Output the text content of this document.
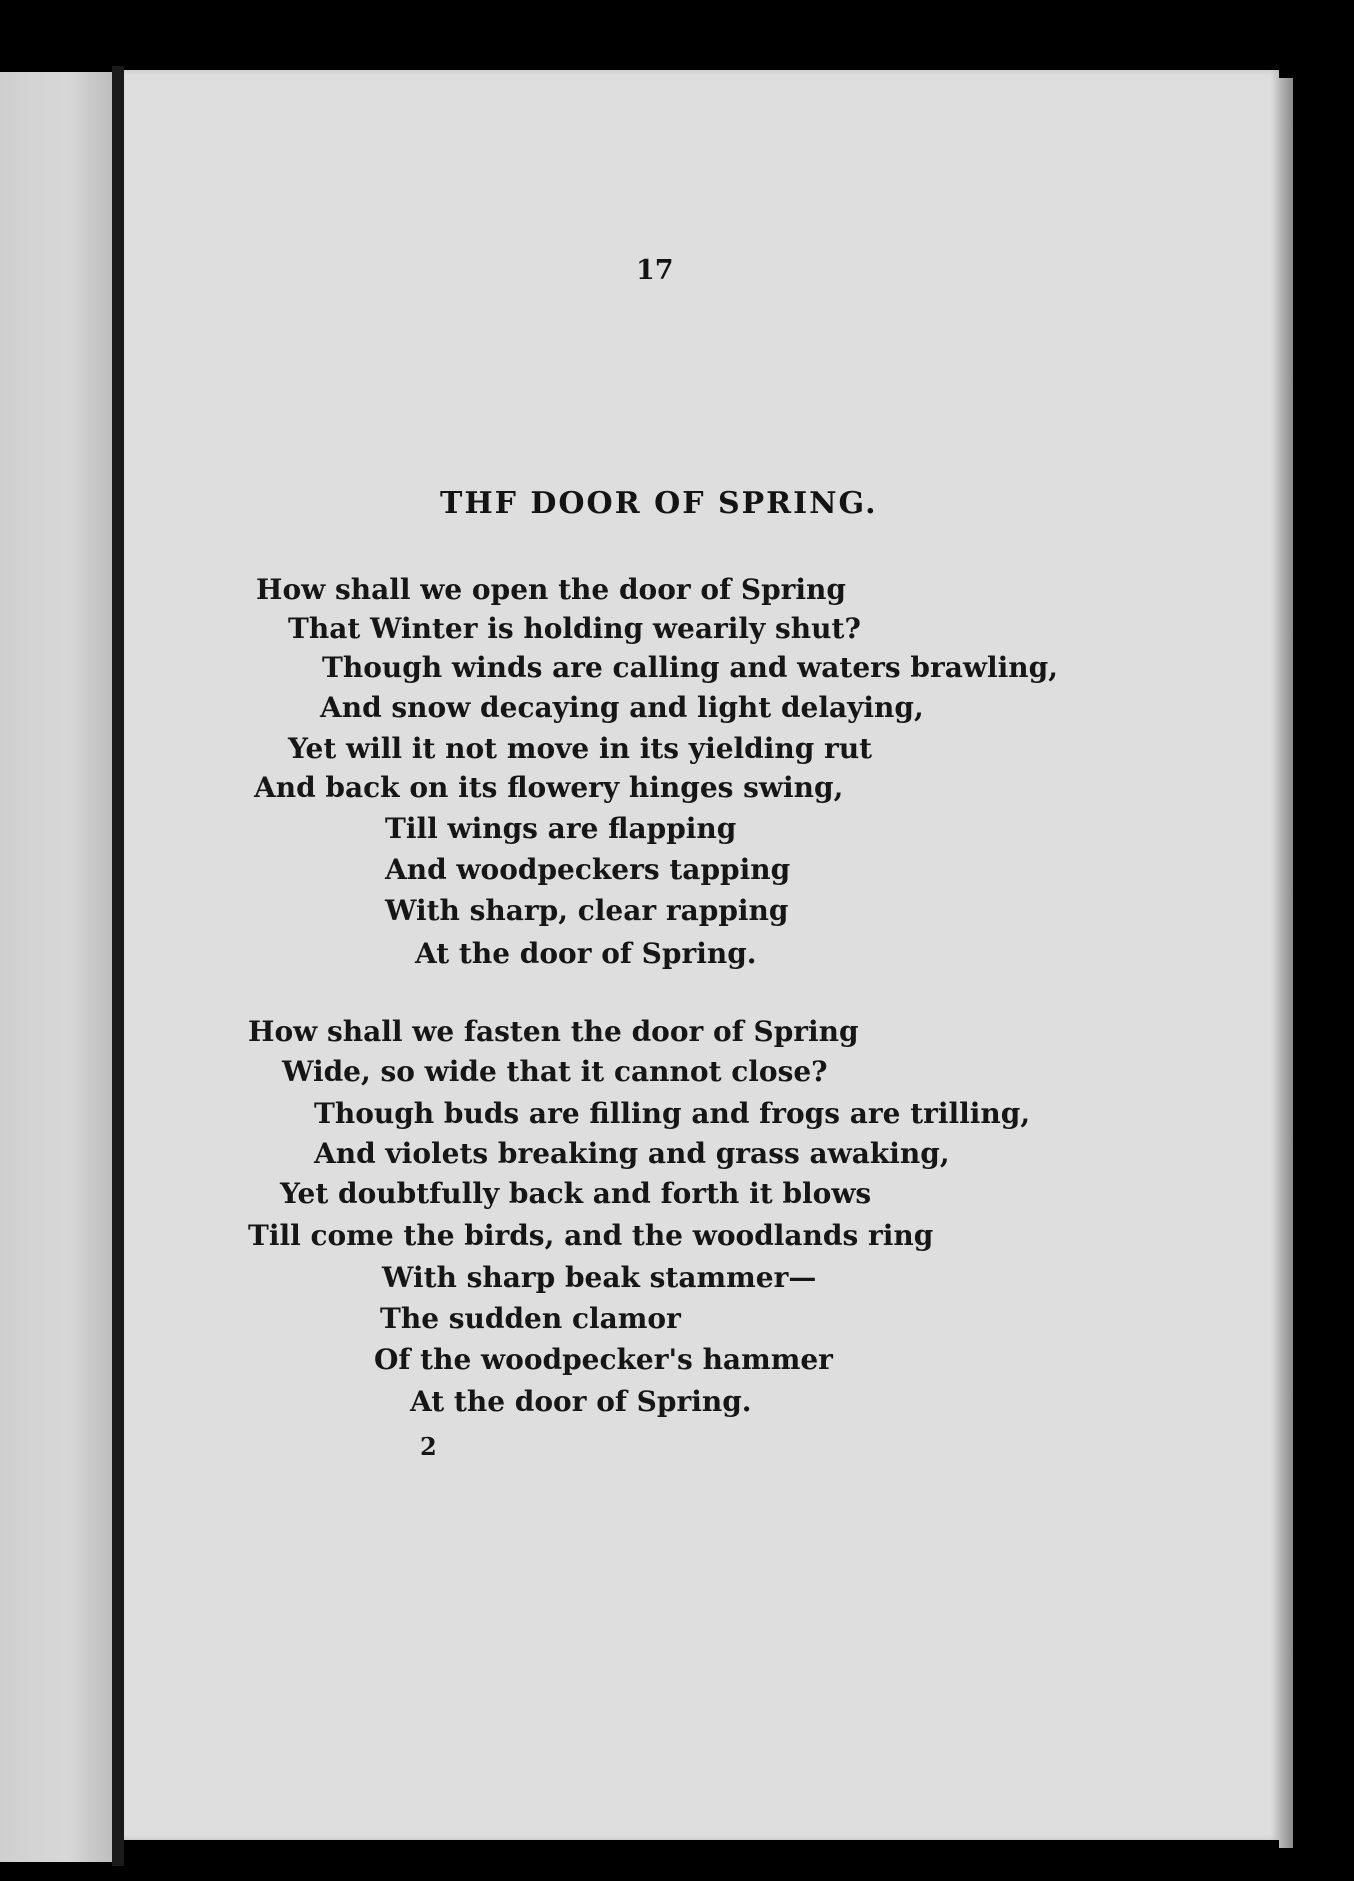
17
THF DOOR OF SPRING.
How shall we open the door of Spring
That Winter is holding wearily shut?
Though winds are calling and waters brawling,
And snow decaying and light delaying,
Yet will it not move in its yielding rut
And back on its flowery hinges swing,
Till wings are flapping
And woodpeckers tapping
With sharp, clear rapping
At the door of Spring.
How shall we fasten the door of Spring
Wide, so wide that it cannot close?
Though buds are filling and frogs are trilling,
And violets breaking and grass awaking,
Yet doubtfully back and forth it blows
Till come the birds, and the woodlands ring
With sharp beak stammer—
The sudden clamor
Of the woodpecker's hammer
At the door of Spring.
2
